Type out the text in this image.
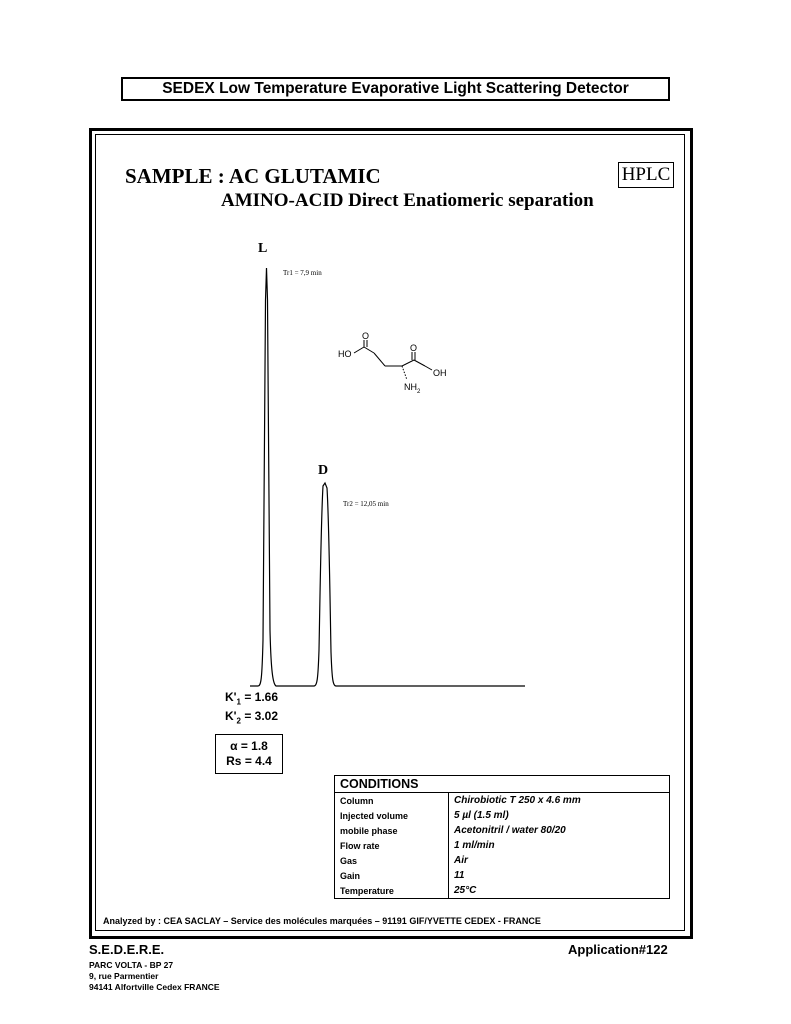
SEDEX Low Temperature Evaporative Light Scattering Detector
SAMPLE : AC GLUTAMIC	HPLC
AMINO-ACID Direct Enatiomeric separation
L
Tr1 = 7,9 min
D
Tr2 = 12,05 min
HO
O
O
OH
$NH_2$
$K'_1 = 1.66$
$K'_2 = 3.02$
α = 1.8
Rs = 4.4
CONDITIONS	
Column	Chirobiotic T 250 x 4.6 mm
Injected volume	5 µl (1.5 ml)
mobile phase	Acetonitril / water 80/20
Flow rate	1 ml/min
Gas	Air
Gain	11
Temperature	25°C
Analyzed by : CEA SACLAY – Service des molécules marquées – 91191 GIF/YVETTE CEDEX - FRANCE
S.E.D.E.R.E.
PARC VOLTA - BP 27
9, rue Parmentier
94141 Alfortville Cedex FRANCE
Application#122
